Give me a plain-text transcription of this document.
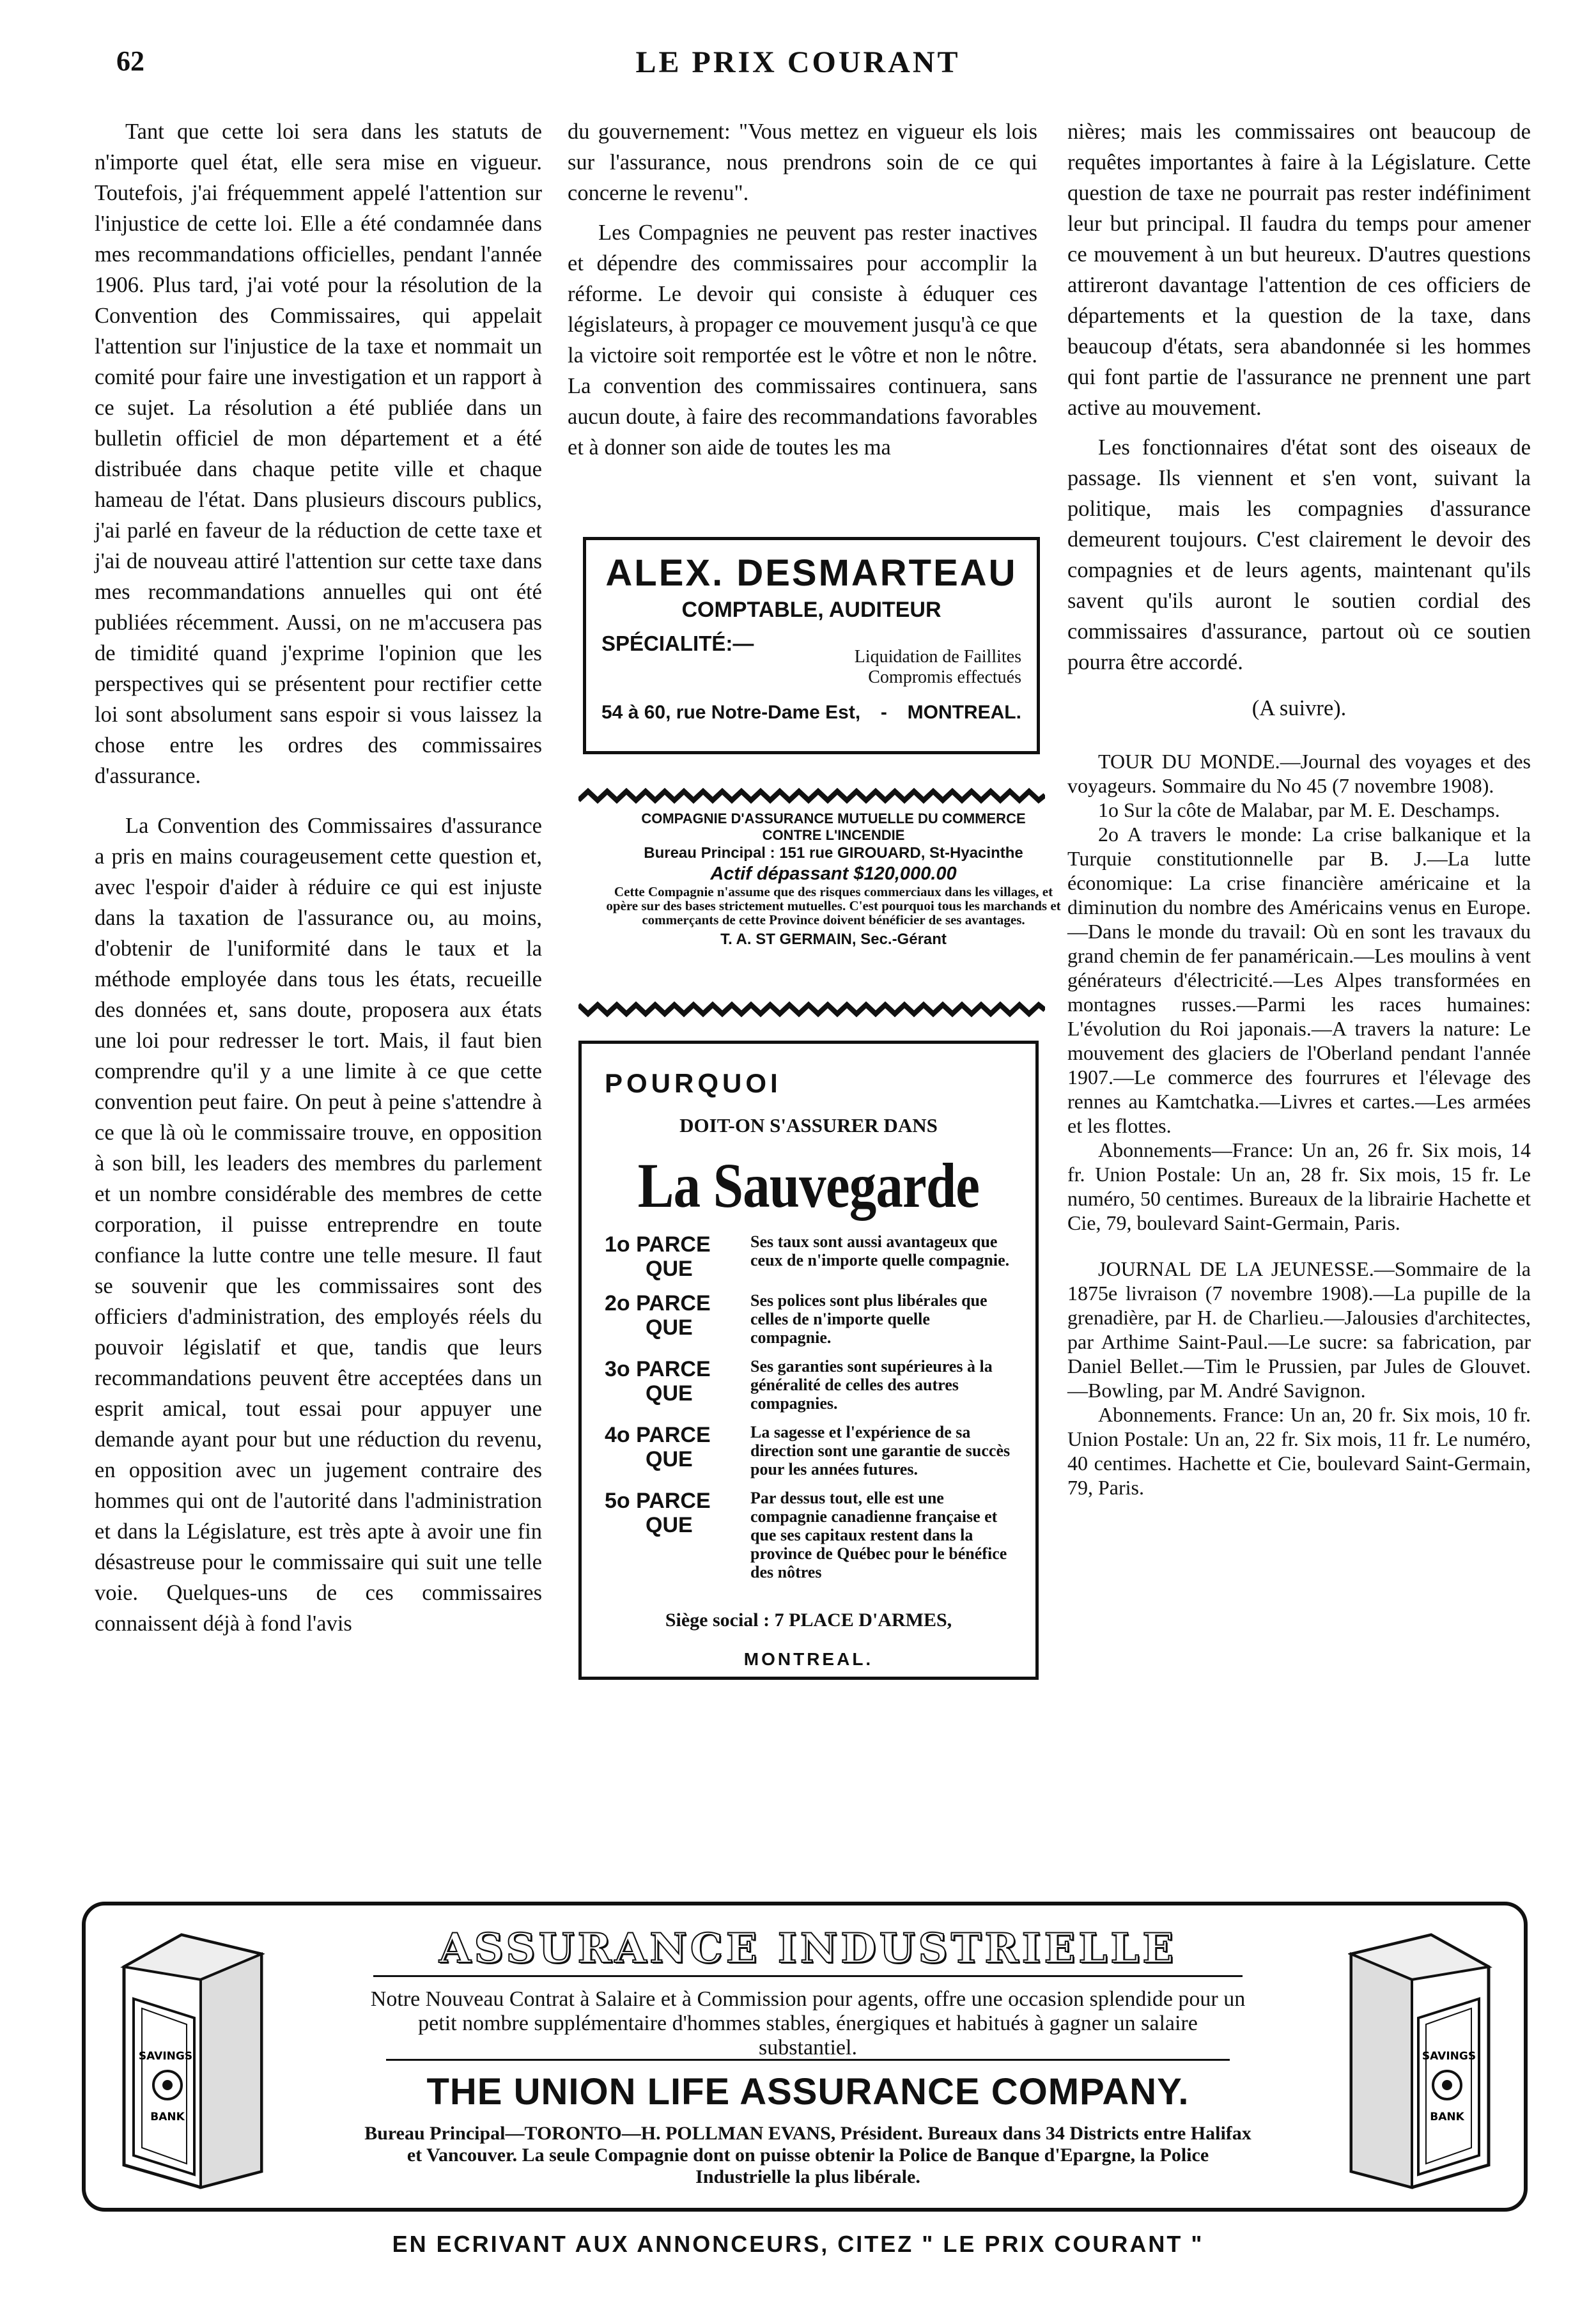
62	LE PRIX COURANT

Tant que cette loi sera dans les statuts de n'importe quel état, elle sera mise en vigueur. Toutefois, j'ai fréquemment appelé l'attention sur l'injustice de cette loi. Elle a été condamnée dans mes recommandations officielles, pendant l'année 1906. Plus tard, j'ai voté pour la résolution de la Convention des Commissaires, qui appelait l'attention sur l'injustice de la taxe et nommait un comité pour faire une investigation et un rapport à ce sujet. La résolution a été publiée dans un bulletin officiel de mon département et a été distribuée dans chaque petite ville et chaque hameau de l'état. Dans plusieurs discours publics, j'ai parlé en faveur de la réduction de cette taxe et j'ai de nouveau attiré l'attention sur cette taxe dans mes recommandations annuelles qui ont été publiées récemment. Aussi, on ne m'accusera pas de timidité quand j'exprime l'opinion que les perspectives qui se présentent pour rectifier cette loi sont absolument sans espoir si vous laissez la chose entre les ordres des commissaires d'assurance.

La Convention des Commissaires d'assurance a pris en mains courageusement cette question et, avec l'espoir d'aider à réduire ce qui est injuste dans la taxation de l'assurance ou, au moins, d'obtenir de l'uniformité dans le taux et la méthode employée dans tous les états, recueille des données et, sans doute, proposera aux états une loi pour redresser le tort. Mais, il faut bien comprendre qu'il y a une limite à ce que cette convention peut faire. On peut à peine s'attendre à ce que là où le commissaire trouve, en opposition à son bill, les leaders des membres du parlement et un nombre considérable des membres de cette corporation, il puisse entreprendre en toute confiance la lutte contre une telle mesure. Il faut se souvenir que les commissaires sont des officiers d'administration, des employés réels du pouvoir législatif et que, tandis que leurs recommandations peuvent être acceptées dans un esprit amical, tout essai pour appuyer une demande ayant pour but une réduction du revenu, en opposition avec un jugement contraire des hommes qui ont de l'autorité dans l'administration et dans la Législature, est très apte à avoir une fin désastreuse pour le commissaire qui suit une telle voie. Quelques-uns de ces commissaires connaissent déjà à fond l'avis

du gouvernement: "Vous mettez en vigueur els lois sur l'assurance, nous prendrons soin de ce qui concerne le revenu".

Les Compagnies ne peuvent pas rester inactives et dépendre des commissaires pour accomplir la réforme. Le devoir qui consiste à éduquer ces législateurs, à propager ce mouvement jusqu'à ce que la victoire soit remportée est le vôtre et non le nôtre. La convention des commissaires continuera, sans aucun doute, à faire des recommandations favorables et à donner son aide de toutes les ma

ALEX. DESMARTEAU
COMPTABLE, AUDITEUR
SPÉCIALITÉ:—
Liquidation de Faillites
Compromis effectués
54 à 60, rue Notre-Dame Est, - MONTREAL.
COMPAGNIE D'ASSURANCE MUTUELLE DU COMMERCE
CONTRE L'INCENDIE
Bureau Principal : 151 rue GIROUARD, St-Hyacinthe
Actif dépassant $120,000.00
Cette Compagnie n'assume que des risques commerciaux dans les villages, et opère sur des bases strictement mutuelles. C'est pourquoi tous les marchands et commerçants de cette Province doivent bénéficier de ses avantages.
T. A. ST GERMAIN, Sec.-Gérant
POURQUOI
DOIT-ON S'ASSURER DANS
La Sauvegarde
1o PARCE
QUE
Ses taux sont aussi avantageux que ceux de n'importe quelle compagnie.
2o PARCE
QUE
Ses polices sont plus libérales que celles de n'importe quelle compagnie.
3o PARCE
QUE
Ses garanties sont supérieures à la généralité de celles des autres compagnies.
4o PARCE
QUE
La sagesse et l'expérience de sa direction sont une garantie de succès pour les années futures.
5o PARCE
QUE
Par dessus tout, elle est une compagnie canadienne française et que ses capitaux restent dans la province de Québec pour le bénéfice des nôtres
Siège social : 7 PLACE D'ARMES,
MONTREAL.

nières; mais les commissaires ont beaucoup de requêtes importantes à faire à la Législature. Cette question de taxe ne pourrait pas rester indéfiniment leur but principal. Il faudra du temps pour amener ce mouvement à un but heureux. D'autres questions attireront davantage l'attention de ces officiers de départements et la question de la taxe, dans beaucoup d'états, sera abandonnée si les hommes qui font partie de l'assurance ne prennent une part active au mouvement.

Les fonctionnaires d'état sont des oiseaux de passage. Ils viennent et s'en vont, suivant la politique, mais les compagnies d'assurance demeurent toujours. C'est clairement le devoir des compagnies et de leurs agents, maintenant qu'ils savent qu'ils auront le soutien cordial des commissaires d'assurance, partout où ce soutien pourra être accordé.

(A suivre).

TOUR DU MONDE.—Journal des voyages et des voyageurs. Sommaire du No 45 (7 novembre 1908).

1o Sur la côte de Malabar, par M. E. Deschamps.

2o A travers le monde: La crise balkanique et la Turquie constitutionnelle par B. J.—La lutte économique: La crise financière américaine et la diminution du nombre des Américains venus en Europe.—Dans le monde du travail: Où en sont les travaux du grand chemin de fer panaméricain.—Les moulins à vent générateurs d'électricité.—Les Alpes transformées en montagnes russes.—Parmi les races humaines: L'évolution du Roi japonais.—A travers la nature: Le mouvement des glaciers de l'Oberland pendant l'année 1907.—Le commerce des fourrures et l'élevage des rennes au Kamtchatka.—Livres et cartes.—Les armées et les flottes.

Abonnements—France: Un an, 26 fr. Six mois, 14 fr. Union Postale: Un an, 28 fr. Six mois, 15 fr. Le numéro, 50 centimes. Bureaux de la librairie Hachette et Cie, 79, boulevard Saint-Germain, Paris.

JOURNAL DE LA JEUNESSE.—Sommaire de la 1875e livraison (7 novembre 1908).—La pupille de la grenadière, par H. de Charlieu.—Jalousies d'architectes, par Arthime Saint-Paul.—Le sucre: sa fabrication, par Daniel Bellet.—Tim le Prussien, par Jules de Glouvet.—Bowling, par M. André Savignon.

Abonnements. France: Un an, 20 fr. Six mois, 10 fr. Union Postale: Un an, 22 fr. Six mois, 11 fr. Le numéro, 40 centimes. Hachette et Cie, boulevard Saint-Germain, 79, Paris.

SAVINGS
BANK
SAVINGS
BANK
ASSURANCE INDUSTRIELLE
Notre Nouveau Contrat à Salaire et à Commission pour agents, offre une occasion splendide pour un petit nombre supplémentaire d'hommes stables, énergiques et habitués à gagner un salaire substantiel.
THE UNION LIFE ASSURANCE COMPANY.
Bureau Principal—TORONTO—H. POLLMAN EVANS, Président. Bureaux dans 34 Districts entre Halifax et Vancouver. La seule Compagnie dont on puisse obtenir la Police de Banque d'Epargne, la Police Industrielle la plus libérale.
EN ECRIVANT AUX ANNONCEURS, CITEZ " LE PRIX COURANT "
